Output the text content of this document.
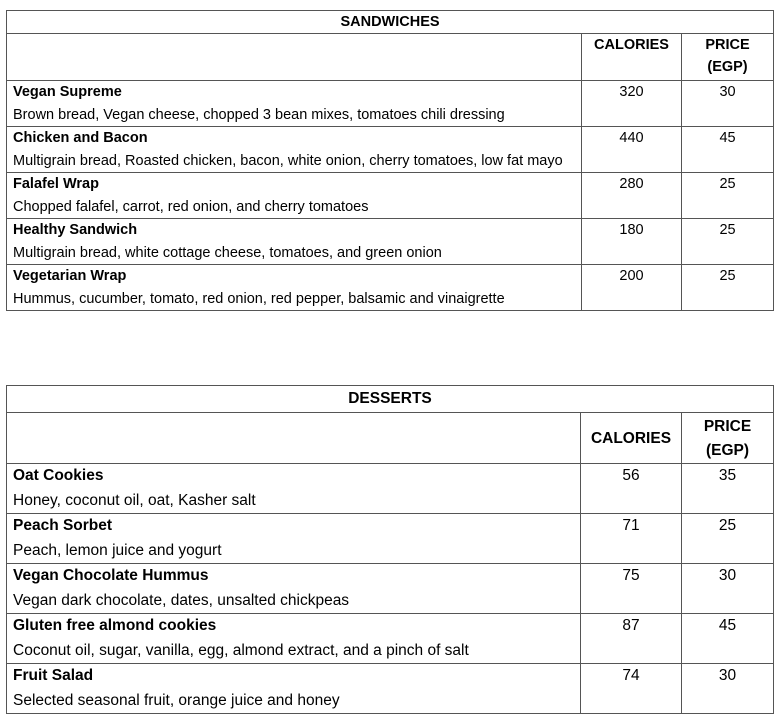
SANDWICHES		
	CALORIES	PRICE
(EGP)

Vegan Supreme
Brown bread, Vegan cheese, chopped 3 bean mixes, tomatoes chili dressing	320	30

Chicken and Bacon
Multigrain bread, Roasted chicken, bacon, white onion, cherry tomatoes, low fat mayo	440	45

Falafel Wrap
Chopped falafel, carrot, red onion, and cherry tomatoes	280	25

Healthy Sandwich
Multigrain bread, white cottage cheese, tomatoes, and green onion	180	25

Vegetarian Wrap
Hummus, cucumber, tomato, red onion, red pepper, balsamic and vinaigrette	200	25
DESSERTS		
	CALORIES	PRICE
(EGP)

Oat Cookies
Honey, coconut oil, oat, Kasher salt	56	35

Peach Sorbet
Peach, lemon juice and yogurt	71	25

Vegan Chocolate Hummus
Vegan dark chocolate, dates, unsalted chickpeas	75	30

Gluten free almond cookies
Coconut oil, sugar, vanilla, egg, almond extract, and a pinch of salt	87	45

Fruit Salad
Selected seasonal fruit, orange juice and honey	74	30
